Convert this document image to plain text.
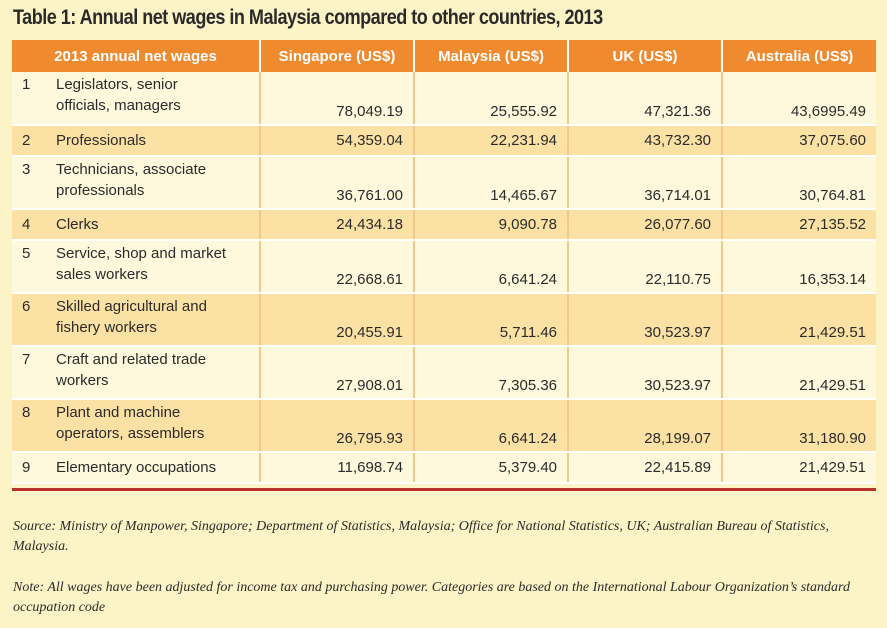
Table 1: Annual net wages in Malaysia compared to other countries, 2013
2013 annual net wages		Singapore (US$)	Malaysia (US$)	UK (US$)	Australia (US$)
1	Legislators, senior
officials, managers	78,049.19	25,555.92	47,321.36	43,6995.49
2	Professionals	54,359.04	22,231.94	43,732.30	37,075.60
3	Technicians, associate
professionals	36,761.00	14,465.67	36,714.01	30,764.81
4	Clerks	24,434.18	9,090.78	26,077.60	27,135.52
5	Service, shop and market
sales workers	22,668.61	6,641.24	22,110.75	16,353.14
6	Skilled agricultural and
fishery workers	20,455.91	5,711.46	30,523.97	21,429.51
7	Craft and related trade
workers	27,908.01	7,305.36	30,523.97	21,429.51
8	Plant and machine
operators, assemblers	26,795.93	6,641.24	28,199.07	31,180.90
9	Elementary occupations	11,698.74	5,379.40	22,415.89	21,429.51
Source: Ministry of Manpower, Singapore; Department of Statistics, Malaysia; Office for National Statistics, UK; Australian Bureau of Statistics, Malaysia.
Note: All wages have been adjusted for income tax and purchasing power. Categories are based on the International Labour Organization’s standard occupation code
